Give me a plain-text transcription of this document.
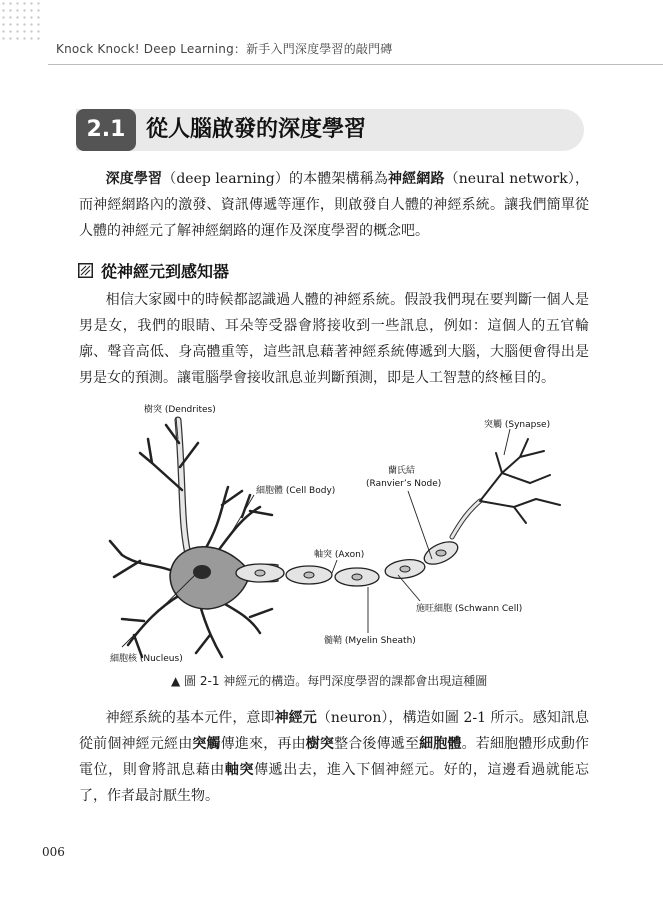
Knock Knock! Deep Learning：新手入門深度學習的敲門磚
2.1 從人腦啟發的深度學習

深度學習（deep learning）的本體架構稱為神經網路（neural network），而神經網路內的激發、資訊傳遞等運作，則啟發自人體的神經系統。讓我們簡單從人體的神經元了解神經網路的運作及深度學習的概念吧。

從神經元到感知器

相信大家國中的時候都認識過人體的神經系統。假設我們現在要判斷一個人是男是女，我們的眼睛、耳朵等受器會將接收到一些訊息，例如：這個人的五官輪廓、聲音高低、身高體重等，這些訊息藉著神經系統傳遞到大腦，大腦便會得出是男是女的預測。讓電腦學會接收訊息並判斷預測，即是人工智慧的終極目的。

樹突 (Dendrites)
細胞體 (Cell Body)
細胞核 (Nucleus)
軸突 (Axon)
蘭氏結
(Ranvier’s Node)
突觸 (Synapse)
施旺細胞 (Schwann Cell)
髓鞘 (Myelin Sheath)
▲ 圖 2-1 神經元的構造。每門深度學習的課都會出現這種圖

神經系統的基本元件，意即神經元（neuron），構造如圖 2-1 所示。感知訊息從前個神經元經由突觸傳進來，再由樹突整合後傳遞至細胞體。若細胞體形成動作電位，則會將訊息藉由軸突傳遞出去，進入下個神經元。好的，這邊看過就能忘了，作者最討厭生物。

006
